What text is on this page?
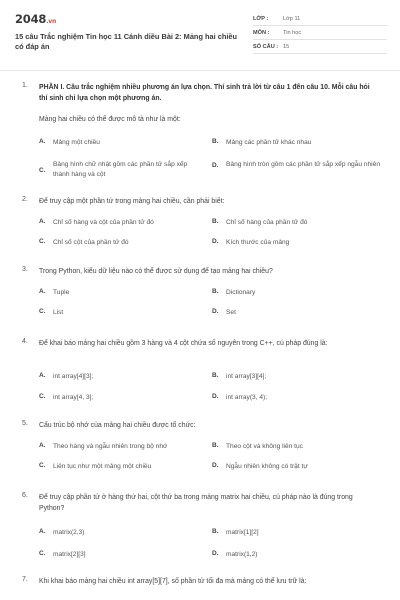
2048.vn
15 câu Trắc nghiệm Tin học 11 Cánh diều Bài 2: Mảng hai chiều có đáp án
LỚP :	Lớp 11
MÔN :	Tin học
SỐ CÂU : 15
1. PHẦN I. Câu trắc nghiệm nhiều phương án lựa chọn. Thí sinh trả lời từ câu 1 đến câu 10. Mỗi câu hỏi thí sinh chỉ lựa chọn một phương án.
Mảng hai chiều có thể được mô tả như là một:
A.	Mảng một chiều	B.	Mảng các phần tử khác nhau
C.
Bảng hình chữ nhật gồm các phần tử sắp xếp thành hàng và cột
D.	Bảng hình tròn gồm các phần tử sắp xếp ngẫu nhiên
2. Để truy cập một phần tử trong mảng hai chiều, cần phải biết:
A.	Chỉ số hàng và cột của phần tử đó	B.	Chỉ số hàng của phần tử đó
C.	Chỉ số cột của phần tử đó	D.	Kích thước của mảng
3. Trong Python, kiểu dữ liệu nào có thể được sử dụng để tạo mảng hai chiều?
A.	Tuple	B.	Dictionary
C.	List	D.	Set
4. Để khai báo mảng hai chiều gồm 3 hàng và 4 cột chứa số nguyên trong C++, cú pháp đúng là:
A.	int array[4][3];	B.	int array[3][4];
C.	int array[4, 3];	D.	int array(3, 4);
5. Cấu trúc bộ nhớ của mảng hai chiều được tổ chức:
A.	Theo hàng và ngẫu nhiên trong bộ nhớ	B.	Theo cột và không liên tục
C.	Liên tục như một mảng một chiều	D.	Ngẫu nhiên không có trật tự
6. Để truy cập phần tử ở hàng thứ hai, cột thứ ba trong mảng matrix hai chiều, cú pháp nào là đúng trong Python?
A.	matrix(2,3)	B.	matrix[1][2]
C.	matrix[2][3]	D.	matrix(1,2)
7. Khi khai báo mảng hai chiều int array[5][7], số phần tử tối đa mà mảng có thể lưu trữ là:
